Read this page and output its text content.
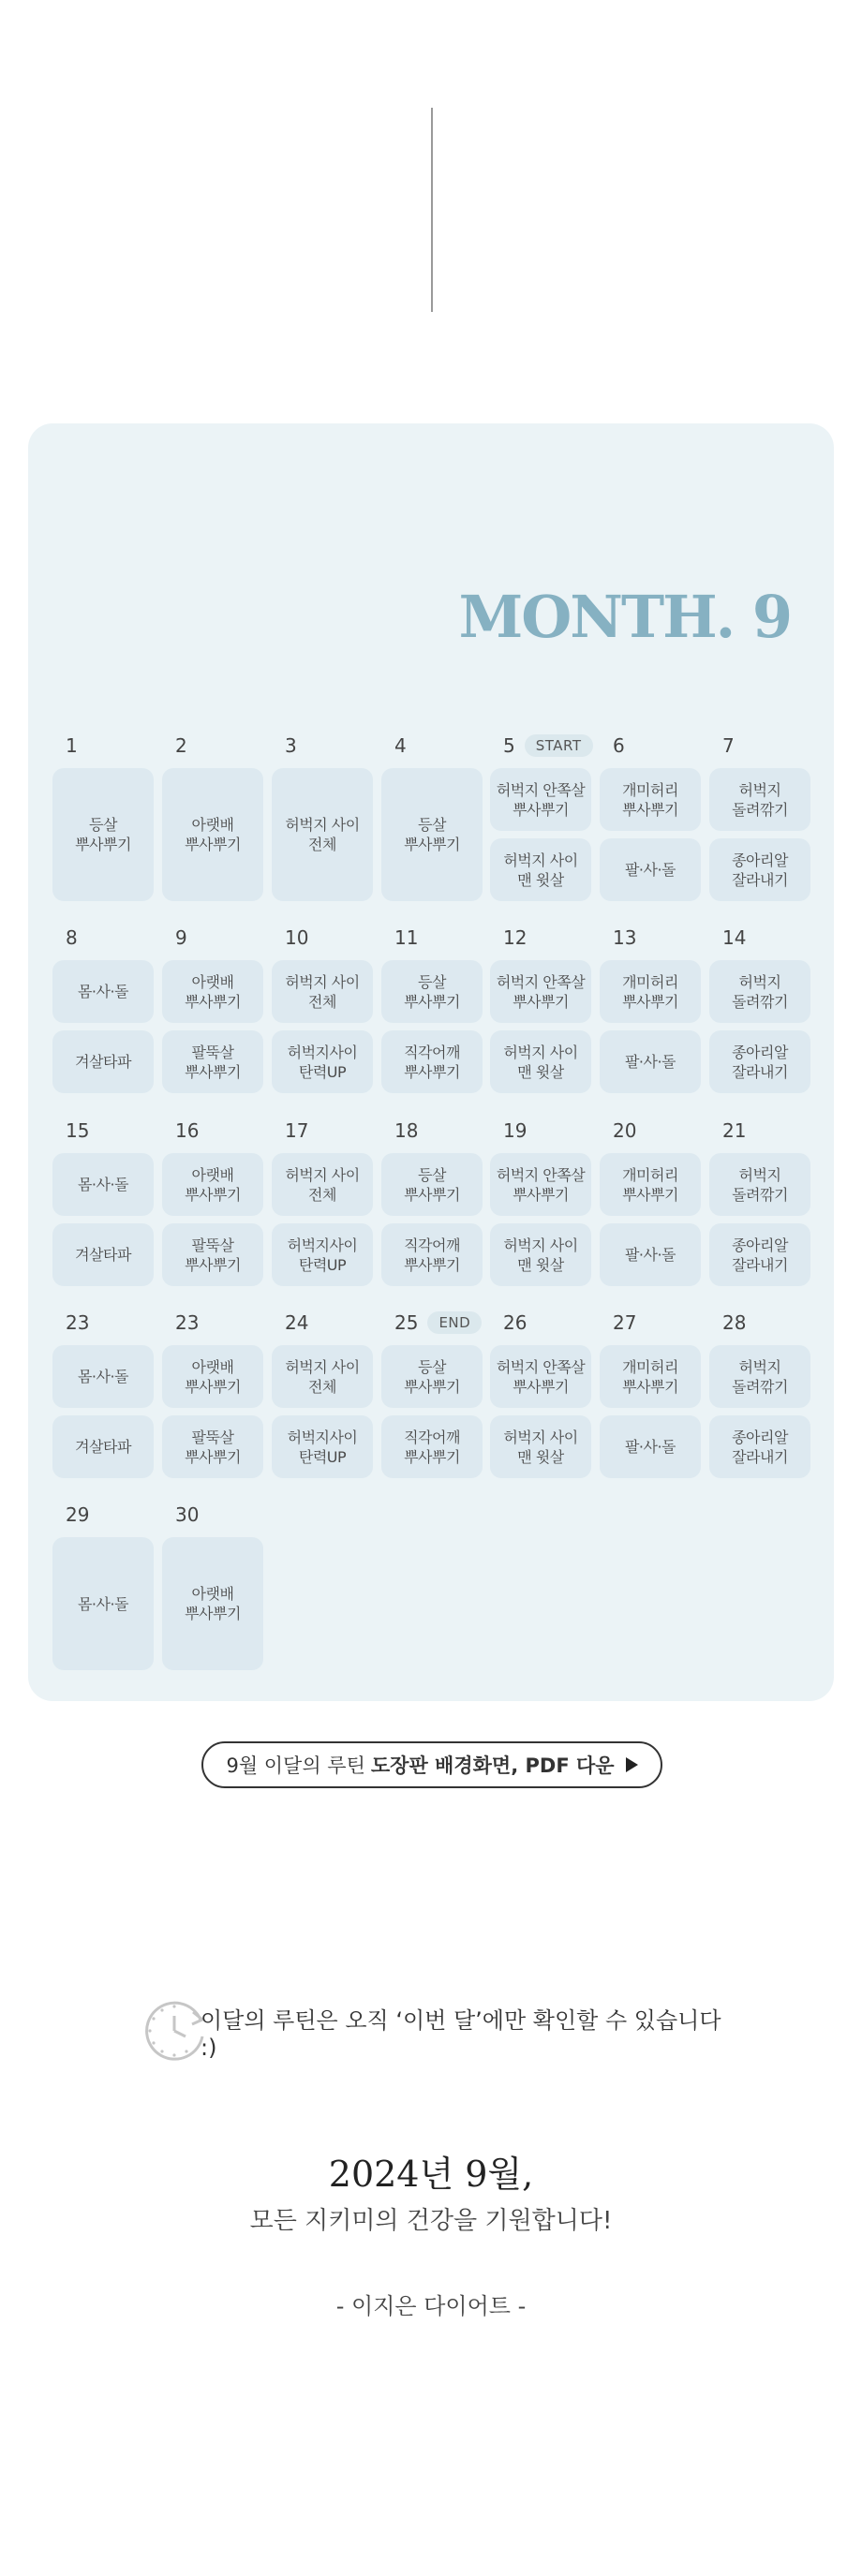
MONTH. 9
1
등살
뿌사뿌기
2
아랫배
뿌사뿌기
3
허벅지 사이
전체
4
등살
뿌사뿌기
5	START
허벅지 안쪽살
뿌사뿌기
허벅지 사이
맨 윗살
6
개미허리
뿌사뿌기
팔·사·돌
7
허벅지
돌려깎기
종아리알
잘라내기
8
몸·사·돌
겨살타파
9
아랫배
뿌사뿌기
팔뚝살
뿌사뿌기
10
허벅지 사이
전체
허벅지사이
탄력UP
11
등살
뿌사뿌기
직각어깨
뿌사뿌기
12
허벅지 안쪽살
뿌사뿌기
허벅지 사이
맨 윗살
13
개미허리
뿌사뿌기
팔·사·돌
14
허벅지
돌려깎기
종아리알
잘라내기
15
몸·사·돌
겨살타파
16
아랫배
뿌사뿌기
팔뚝살
뿌사뿌기
17
허벅지 사이
전체
허벅지사이
탄력UP
18
등살
뿌사뿌기
직각어깨
뿌사뿌기
19
허벅지 안쪽살
뿌사뿌기
허벅지 사이
맨 윗살
20
개미허리
뿌사뿌기
팔·사·돌
21
허벅지
돌려깎기
종아리알
잘라내기
23
몸·사·돌
겨살타파
23
아랫배
뿌사뿌기
팔뚝살
뿌사뿌기
24
허벅지 사이
전체
허벅지사이
탄력UP
25	END
등살
뿌사뿌기
직각어깨
뿌사뿌기
26
허벅지 안쪽살
뿌사뿌기
허벅지 사이
맨 윗살
27
개미허리
뿌사뿌기
팔·사·돌
28
허벅지
돌려깎기
종아리알
잘라내기
29
몸·사·돌
30
아랫배
뿌사뿌기
9월 이달의 루틴 도장판 배경화면, PDF 다운
이달의 루틴은 오직 ‘이번 달’에만 확인할 수 있습니다 :)
2024년 9월,
모든 지키미의 건강을 기원합니다!
- 이지은 다이어트 -
